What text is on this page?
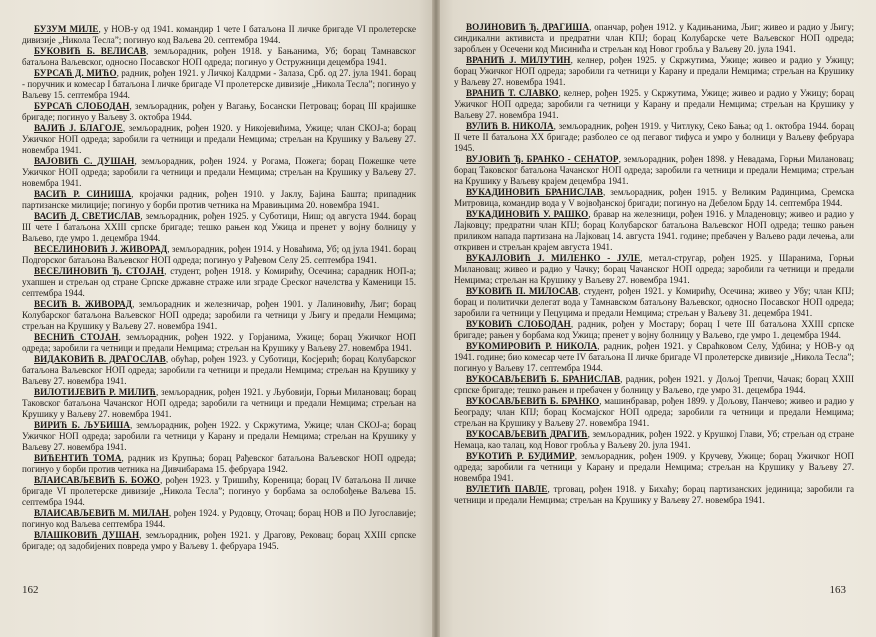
БУЗУМ МИЛЕ, у НОВ-у од 1941. командир 1 чете I батаљона II личке бригаде VI пролетерске дивизије „Никола Тесла”; погинуо код Ваљева 20. септембра 1944.

БУКОВИЋ Б. ВЕЛИСАВ, земљорадник, рођен 1918. у Бањанима, Уб; борац Тамнавског батаљона Ваљевског, односно Посавског НОП одреда; погинуо у Остружници децембра 1941.

БУРСАЋ Д. МИЋО, радник, рођен 1921. у Личкој Калдрми - Залаза, Срб. од 27. јула 1941. борац - поручник и комесар I батаљона I личке бригаде VI пролетерске дивизије „Никола Тесла”; погинуо у Ваљеву 15. септембра 1944.

БУРСАЋ СЛОБОДАН, земљорадник, рођен у Вагању, Босански Петровац; борац III крајишке бригаде; погинуо у Ваљеву 3. октобра 1944.

ВАЈИЋ Ј. БЛАГОЈЕ, земљорадник, рођен 1920. у Никојевићима, Ужице; члан СКОЈ-а; борац Ужичког НОП одреда; заробили га четници и предали Немцима; стрељан на Крушику у Ваљеву 27. новембра 1941.

ВАЈОВИЋ С. ДУШАН, земљорадник, рођен 1924. у Рогама, Пожега; борац Пожешке чете Ужичког НОП одреда; заробили га четници и предали Немцима; стрељан на Крушику у Ваљеву 27. новембра 1941.

ВАСИЋ Р. СИНИША, кројачки радник, рођен 1910. у Јаклу, Бајина Башта; припадник партизанске милиције; погинуо у борби против четника на Мравињцима 20. новембра 1941.

ВАСИЋ Д. СВЕТИСЛАВ, земљорадник, рођен 1925. у Суботици, Ниш; од августа 1944. борац III чете I батаљона XXIII српске бригаде; тешко рањен код Ужица и пренет у војну болницу у Ваљево, где умро 1. децембра 1944.

ВЕСЕЛИНОВИЋ Ј. ЖИВОРАД, земљорадник, рођен 1914. у Новаћима, Уб; од јула 1941. борац Подгорског батаљона Ваљевског НОП одреда; погинуо у Рађевом Селу 25. септембра 1941.

ВЕСЕЛИНОВИЋ Ђ. СТОЈАН, студент, рођен 1918. у Комирићу, Осечина; сарадник НОП-а; ухапшен и стрељан од стране Српске државне страже или зграде Среског начелства у Каменици 15. септембра 1944.

ВЕСИЋ В. ЖИВОРАД, земљорадник и железничар, рођен 1901. у Лалиновићу, Љиг; борац Колубарског батаљона Ваљевског НОП одреда; заробили га четници у Љигу и предали Немцима; стрељан на Крушику у Ваљеву 27. новембра 1941.

ВЕСНИЋ СТОЈАН, земљорадник, рођен 1922. у Горјанима, Ужице; борац Ужичког НОП одреда; заробили га четници и предали Немцима; стрељан на Крушику у Ваљеву 27. новембра 1941.

ВИДАКОВИЋ В. ДРАГОСЛАВ, обућар, рођен 1923. у Суботици, Косјерић; борац Колубарског батаљона Ваљевског НОП одреда; заробили га четници и предали Немцима; стрељан на Крушику у Ваљеву 27. новембра 1941.

ВИЛОТИЈЕВИЋ Р. МИЛИЋ, земљорадник, рођен 1921. у Љубовији, Горњи Милановац; борац Таковског батаљона Чачанског НОП одреда; заробили га четници и предали Немцима; стрељан на Крушику у Ваљеву 27. новембра 1941.

ВИРИЋ Б. ЉУБИША, земљорадник, рођен 1922. у Скржутима, Ужице; члан СКОЈ-а; борац Ужичког НОП одреда; заробили га четници у Карану и предали Немцима; стрељан на Крушику у Ваљеву 27. новембра 1941.

ВИЋЕНТИЋ ТОМА, радник из Крупња; борац Рађевског батаљона Ваљевског НОП одреда; погинуо у борби против четника на Дивчибарама 15. фебруара 1942.

ВЛАИСАВЉЕВИЋ Б. БОЖО, рођен 1923. у Тришићу, Кореница; борац IV батаљона II личке бригаде VI пролетерске дивизије „Никола Тесла”; погинуо у борбама за ослобођење Ваљева 15. септембра 1944.

ВЛАИСАВЉЕВИЋ М. МИЛАН, рођен 1924. у Рудовцу, Оточац; борац НОВ и ПО Југославије; погинуо код Ваљева септембра 1944.

ВЛАШКОВИЋ ДУШАН, земљорадник, рођен 1921. у Драгову, Рековац; борац XXIII српске бригаде; од задобијених повреда умро у Ваљеву 1. фебруара 1945.

162

ВОЈИНОВИЋ Ђ. ДРАГИША, опанчар, рођен 1912. у Кадињанима, Љиг; живео и радио у Љигу; синдикални активиста и предратни члан КПЈ; борац Колубарске чете Ваљевског НОП одреда; заробљен у Осечени код Мисинића и стрељан код Новог гробља у Ваљеву 20. јула 1941.

ВРАНИЋ Ј. МИЛУТИН, келнер, рођен 1925. у Скржутима, Ужице; живео и радио у Ужицу; борац Ужичког НОП одреда; заробили га четници у Карану и предали Немцима; стрељан на Крушику у Ваљеву 27. новембра 1941.

ВРАНИЋ Т. СЛАВКО, келнер, рођен 1925. у Скржутима, Ужице; живео и радио у Ужицу; борац Ужичког НОП одреда; заробили га четници у Карану и предали Немцима; стрељан на Крушику у Ваљеву 27. новембра 1941.

ВУЛИЋ В. НИКОЛА, земљорадник, рођен 1919. у Читлуку, Секо Бања; од 1. октобра 1944. борац II чете II батаљона XX бригаде; разболео се од пегавог тифуса и умро у болници у Ваљеву фебруара 1945.

ВУЈОВИЋ Ђ. БРАНКО - СЕНАТОР, земљорадник, рођен 1898. у Невадама, Горњи Милановац; борац Таковског батаљона Чачанског НОП одреда; заробили га четници и предали Немцима; стрељан на Крушику у Ваљеву крајем децембра 1941.

ВУКАДИНОВИЋ БРАНИСЛАВ, земљорадник, рођен 1915. у Великим Радинцима, Сремска Митровица, командир вода у V војвођанској бригади; погинуо на Дебелом Брду 14. септембра 1944.

ВУКАДИНОВИЋ У. РАШКО, бравар на железници, рођен 1916. у Младеновцу; живео и радио у Лајковцу; предратни члан КПЈ; борац Колубарског батаљона Ваљевског НОП одреда; тешко рањен приликом напада партизана на Лајковац 14. августа 1941. године; пребачен у Ваљево ради лечења, али откривен и стрељан крајем августа 1941.

ВУКАЈЛОВИЋ Ј. МИЛЕНКО - ЈУЛЕ, метал-стругар, рођен 1925. у Шаранима, Горњи Милановац; живео и радио у Чачку; борац Чачанског НОП одреда; заробили га четници и предали Немцима; стрељан на Крушику у Ваљеву 27. новембра 1941.

ВУКОВИЋ П. МИЛОСАВ, студент, рођен 1921. у Комирићу, Осечина; живео у Убу; члан КПЈ; борац и политички делегат вода у Тамнавском батаљону Ваљевског, односно Посавског НОП одреда; заробили га четници у Пецуцима и предали Немцима; стрељан у Ваљеву 31. децембра 1941.

ВУКОВИЋ СЛОБОДАН, радник, рођен у Мостару; борац I чете III батаљона XXIII српске бригаде; рањен у борбама код Ужица; пренет у војну болницу у Ваљево, где умро 1. децембра 1944.

ВУКОМИРОВИЋ Р. НИКОЛА, радник, рођен 1921. у Свраћковом Селу, Удбина; у НОВ-у од 1941. године; био комесар чете IV батаљона II личке бригаде VI пролетерске дивизије „Никола Тесла”; погинуо у Ваљеву 17. септембра 1944.

ВУКОСАВЉЕВИЋ Б. БРАНИСЛАВ, радник, рођен 1921. у Дољој Трепчи, Чачак; борац XXIII српске бригаде; тешко рањен и пребачен у болницу у Ваљево, где умро 31. децембра 1944.

ВУКОСАВЉЕВИЋ Б. БРАНКО, машинбравар, рођен 1899. у Дољову, Панчево; живео и радио у Београду; члан КПЈ; борац Космајског НОП одреда; заробили га четници и предали Немцима; стрељан на Крушику у Ваљеву 27. новембра 1941.

ВУКОСАВЉЕВИЋ ДРАГИЋ, земљорадник, рођен 1922. у Крушкој Глави, Уб; стрељан од стране Немаца, као талац, код Новог гробља у Ваљеву 20. јула 1941.

ВУКОТИЋ Р. БУДИМИР, земљорадник, рођен 1909. у Кручеву, Ужице; борац Ужичког НОП одреда; заробили га четници у Карану и предали Немцима; стрељан на Крушику у Ваљеву 27. новембра 1941.

ВУЛЕТИЋ ПАВЛЕ, трговац, рођен 1918. у Бихаћу; борац партизанских јединица; заробили га четници и предали Немцима; стрељан на Крушику у Ваљеву 27. новембра 1941.

163
